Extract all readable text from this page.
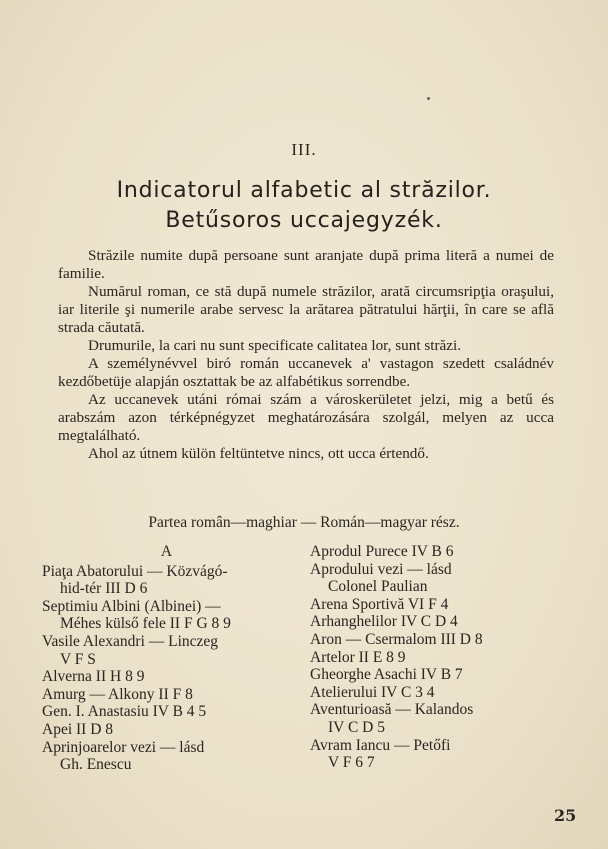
III.
Indicatorul alfabetic al străzilor.
Betűsoros uccajegyzék.

Străzile numite după persoane sunt aranjate după prima literă a numei de familie.

Numărul roman, ce stă după numele străzilor, arată circumsripţia oraşului, iar literile şi numerile arabe servesc la arătarea pătratului hărţii, în care se află strada căutată.

Drumurile, la cari nu sunt specificate calitatea lor, sunt străzi.

A személynévvel biró román uccanevek a' vastagon szedett családnév kezdőbetüje alapján osztattak be az alfabétikus sorrendbe.

Az uccanevek utáni római szám a városkerületet jelzi, mig a betű és arabszám azon térképnégyzet meghatározására szolgál, melyen az ucca megtalálható.

Ahol az útnem külön feltüntetve nincs, ott ucca értendő.

Partea român—maghiar — Román—magyar rész.
A
Piaţa Abatorului — Közvágó-
hid-tér III D 6
Septimiu Albini (Albinei) —
Méhes külső fele II F G 8 9
Vasile Alexandri — Linczeg
V F S
Alverna II H 8 9
Amurg — Alkony II F 8
Gen. I. Anastasiu IV B 4 5
Apei II D 8
Aprinjoarelor vezi — lásd
Gh. Enescu
Aprodul Purece IV B 6
Aprodului vezi — lásd
Colonel Paulian
Arena Sportivă VI F 4
Arhanghelilor IV C D 4
Aron — Csermalom III D 8
Artelor II E 8 9
Gheorghe Asachi IV B 7
Atelierului IV C 3 4
Aventurioasă — Kalandos
IV C D 5
Avram Iancu — Petőfi
V F 6 7
25
